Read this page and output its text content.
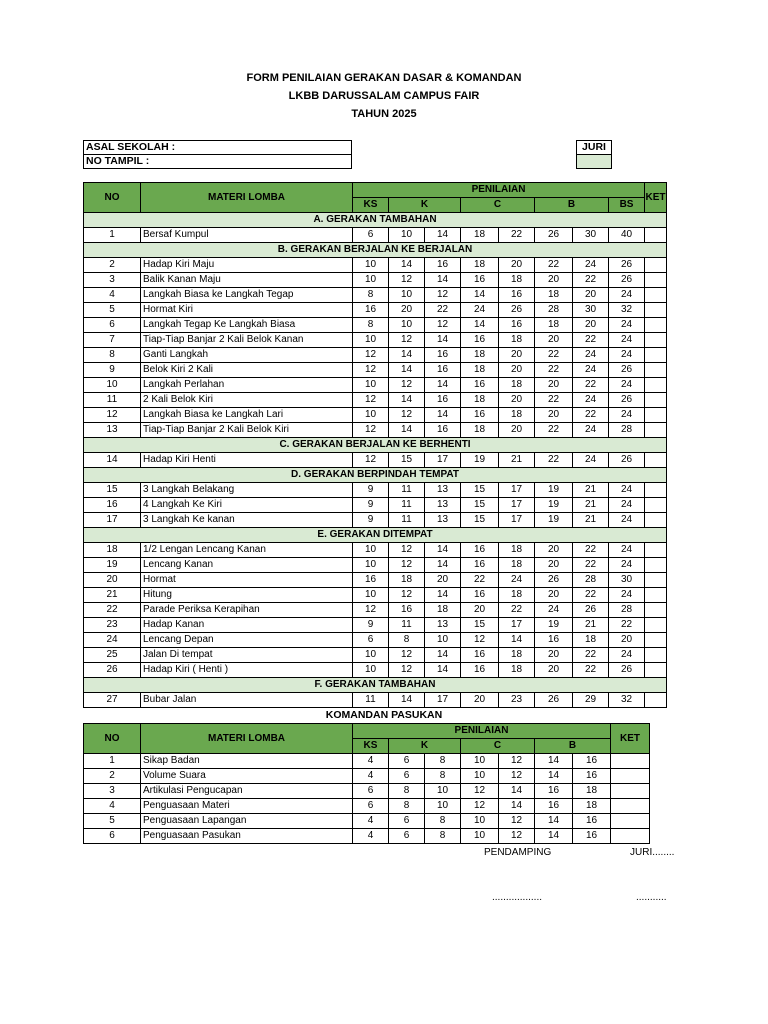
FORM PENILAIAN GERAKAN DASAR & KOMANDAN
LKBB DARUSSALAM CAMPUS FAIR
TAHUN 2025
ASAL SEKOLAH :
NO TAMPIL :
JURI

NO	MATERI LOMBA	PENILAIAN								KET
		KS	K		C		B		BS	
A. GERAKAN TAMBAHAN										
1	Bersaf Kumpul	6	10	14	18	22	26	30	40	
B. GERAKAN BERJALAN KE BERJALAN										
2	Hadap Kiri Maju	10	14	16	18	20	22	24	26	
3	Balik Kanan Maju	10	12	14	16	18	20	22	26	
4	Langkah Biasa ke Langkah Tegap	8	10	12	14	16	18	20	24	
5	Hormat Kiri	16	20	22	24	26	28	30	32	
6	Langkah Tegap Ke Langkah Biasa	8	10	12	14	16	18	20	24	
7	Tiap-Tiap Banjar 2 Kali Belok Kanan	10	12	14	16	18	20	22	24	
8	Ganti Langkah	12	14	16	18	20	22	24	24	
9	Belok Kiri 2 Kali	12	14	16	18	20	22	24	26	
10	Langkah Perlahan	10	12	14	16	18	20	22	24	
11	2 Kali Belok Kiri	12	14	16	18	20	22	24	26	
12	Langkah Biasa ke Langkah Lari	10	12	14	16	18	20	22	24	
13	Tiap-Tiap Banjar 2 Kali Belok Kiri	12	14	16	18	20	22	24	28	
C. GERAKAN BERJALAN KE BERHENTI										
14	Hadap Kiri Henti	12	15	17	19	21	22	24	26	
D. GERAKAN BERPINDAH TEMPAT										
15	3 Langkah Belakang	9	11	13	15	17	19	21	24	
16	4 Langkah Ke Kiri	9	11	13	15	17	19	21	24	
17	3 Langkah Ke kanan	9	11	13	15	17	19	21	24	
E. GERAKAN DITEMPAT										
18	1/2 Lengan Lencang Kanan	10	12	14	16	18	20	22	24	
19	Lencang Kanan	10	12	14	16	18	20	22	24	
20	Hormat	16	18	20	22	24	26	28	30	
21	Hitung	10	12	14	16	18	20	22	24	
22	Parade Periksa Kerapihan	12	16	18	20	22	24	26	28	
23	Hadap Kanan	9	11	13	15	17	19	21	22	
24	Lencang Depan	6	8	10	12	14	16	18	20	
25	Jalan Di tempat	10	12	14	16	18	20	22	24	
26	Hadap Kiri ( Henti )	10	12	14	16	18	20	22	26	
F. GERAKAN TAMBAHAN										
27	Bubar Jalan	11	14	17	20	23	26	29	32	
KOMANDAN PASUKAN
NO	MATERI LOMBA	PENILAIAN							KET
		KS	K		C		B		
1	Sikap Badan	4	6	8	10	12	14	16	
2	Volume Suara	4	6	8	10	12	14	16	
3	Artikulasi Pengucapan	6	8	10	12	14	16	18	
4	Penguasaan Materi	6	8	10	12	14	16	18	
5	Penguasaan Lapangan	4	6	8	10	12	14	16	
6	Penguasaan Pasukan	4	6	8	10	12	14	16	
PENDAMPING	JURI........
..................	...........
